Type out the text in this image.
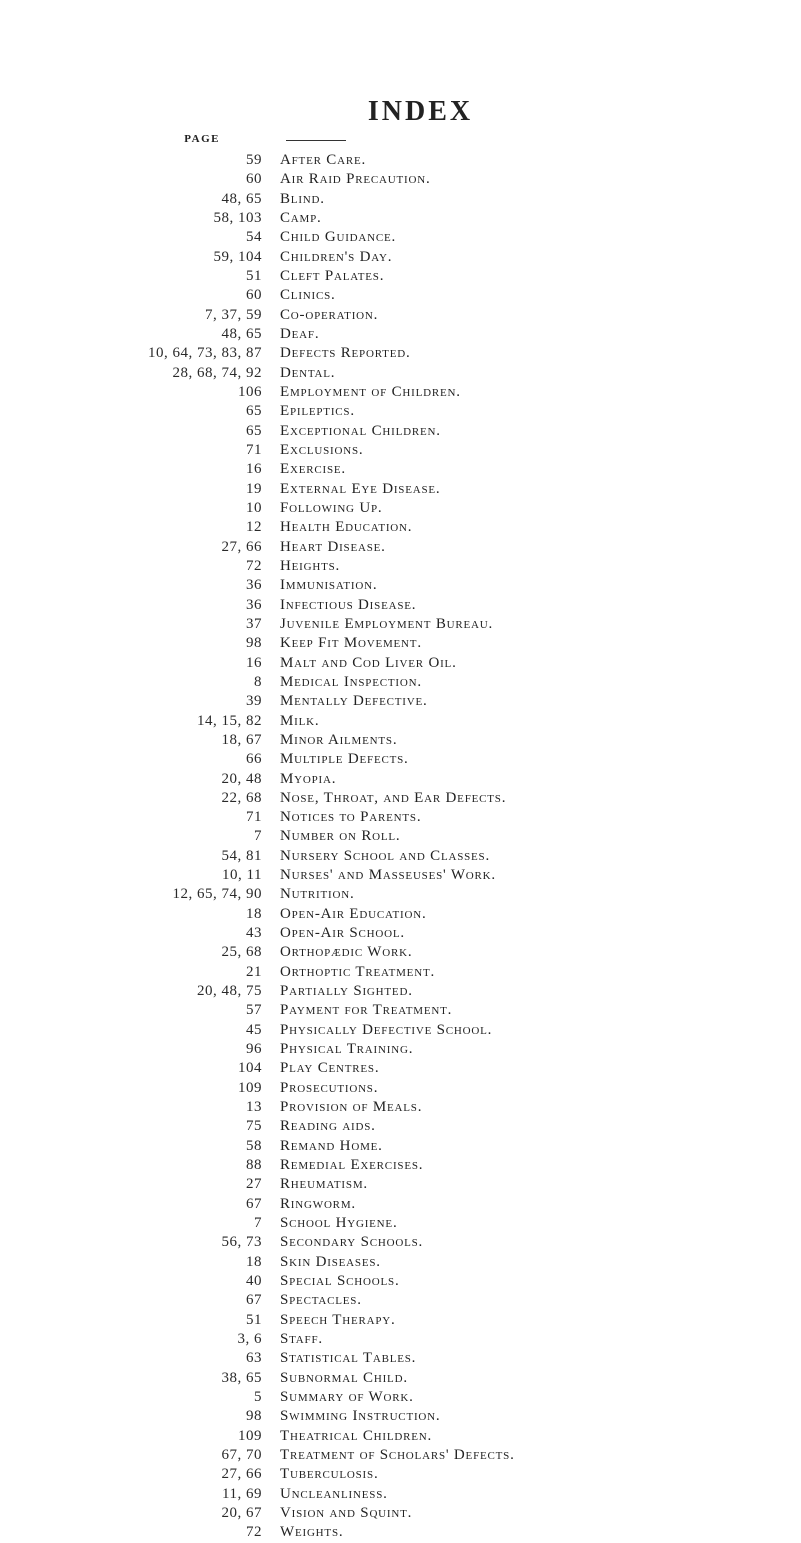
INDEX
PAGE
59 After Care.
60 Air Raid Precaution.
48, 65 Blind.
58, 103 Camp.
54 Child Guidance.
59, 104 Children's Day.
51 Cleft Palates.
60 Clinics.
7, 37, 59 Co-operation.
48, 65 Deaf.
10, 64, 73, 83, 87 Defects Reported.
28, 68, 74, 92 Dental.
106 Employment of Children.
65 Epileptics.
65 Exceptional Children.
71 Exclusions.
16 Exercise.
19 External Eye Disease.
10 Following Up.
12 Health Education.
27, 66 Heart Disease.
72 Heights.
36 Immunisation.
36 Infectious Disease.
37 Juvenile Employment Bureau.
98 Keep Fit Movement.
16 Malt and Cod Liver Oil.
8 Medical Inspection.
39 Mentally Defective.
14, 15, 82 Milk.
18, 67 Minor Ailments.
66 Multiple Defects.
20, 48 Myopia.
22, 68 Nose, Throat, and Ear Defects.
71 Notices to Parents.
7 Number on Roll.
54, 81 Nursery School and Classes.
10, 11 Nurses' and Masseuses' Work.
12, 65, 74, 90 Nutrition.
18 Open-Air Education.
43 Open-Air School.
25, 68 Orthopædic Work.
21 Orthoptic Treatment.
20, 48, 75 Partially Sighted.
57 Payment for Treatment.
45 Physically Defective School.
96 Physical Training.
104 Play Centres.
109 Prosecutions.
13 Provision of Meals.
75 Reading aids.
58 Remand Home.
88 Remedial Exercises.
27 Rheumatism.
67 Ringworm.
7 School Hygiene.
56, 73 Secondary Schools.
18 Skin Diseases.
40 Special Schools.
67 Spectacles.
51 Speech Therapy.
3, 6 Staff.
63 Statistical Tables.
38, 65 Subnormal Child.
5 Summary of Work.
98 Swimming Instruction.
109 Theatrical Children.
67, 70 Treatment of Scholars' Defects.
27, 66 Tuberculosis.
11, 69 Uncleanliness.
20, 67 Vision and Squint.
72 Weights.
